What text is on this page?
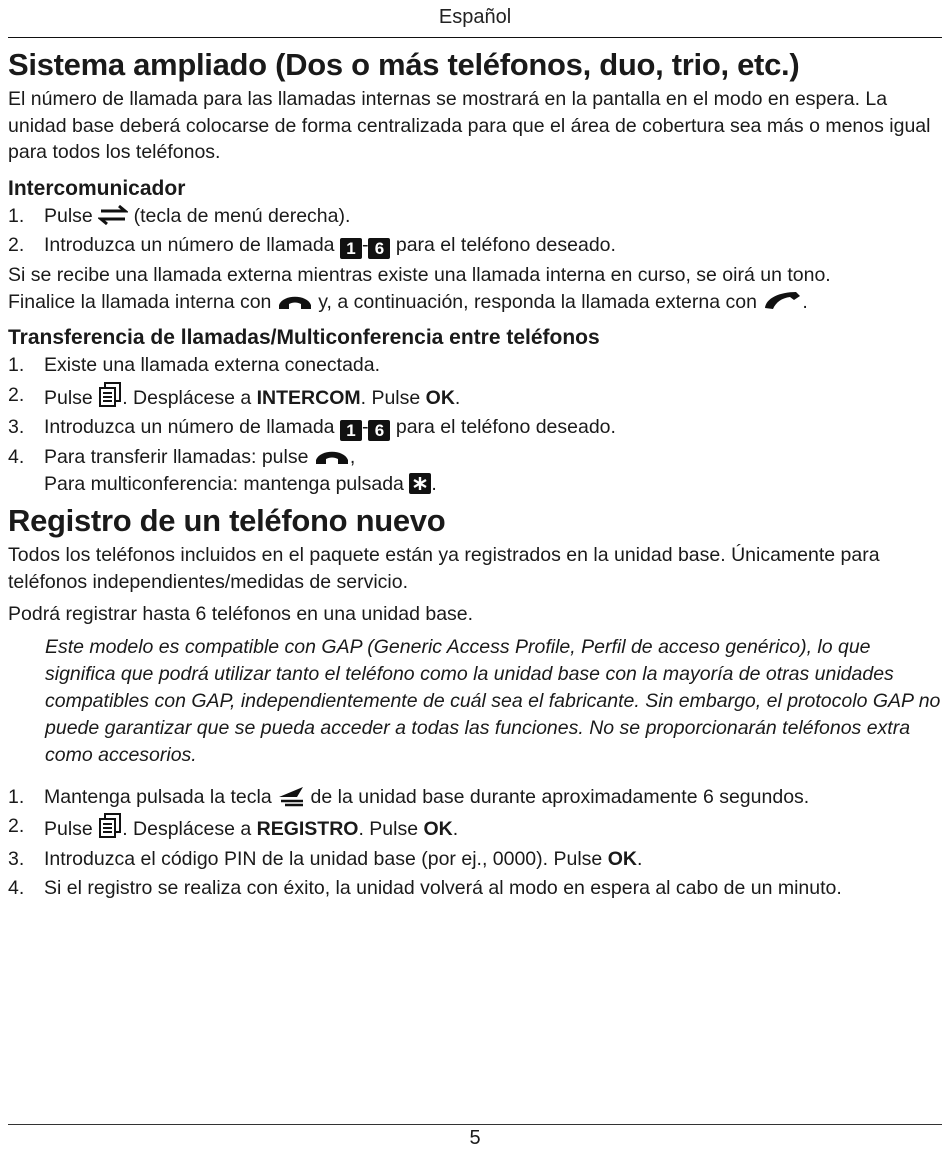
Español
Sistema ampliado (Dos o más teléfonos, duo, trio, etc.)

El número de llamada para las llamadas internas se mostrará en la pantalla en el modo en espera. La unidad base deberá colocarse de forma centralizada para que el área de cobertura sea más o menos igual para todos los teléfonos.

Intercomunicador
1.	Pulse (tecla de menú derecha).
2.	Introduzca un número de llamada 1 - 6 para el teléfono deseado.

Si se recibe una llamada externa mientras existe una llamada interna en curso, se oirá un tono.

Finalice la llamada interna con y, a continuación, responda la llamada externa con .

Transferencia de llamadas/Multiconferencia entre teléfonos
1.	Existe una llamada externa conectada.
2.	Pulse . Desplácese a INTERCOM. Pulse OK.
3.	Introduzca un número de llamada 1 - 6 para el teléfono deseado.
4.	Para transferir llamadas: pulse ,
Para multiconferencia: mantenga pulsada .
Registro de un teléfono nuevo

Todos los teléfonos incluidos en el paquete están ya registrados en la unidad base. Únicamente para teléfonos independientes/medidas de servicio.

Podrá registrar hasta 6 teléfonos en una unidad base.

Este modelo es compatible con GAP (Generic Access Profile, Perfil de acceso genérico), lo que significa que podrá utilizar tanto el teléfono como la unidad base con la mayoría de otras unidades compatibles con GAP, independientemente de cuál sea el fabricante. Sin embargo, el protocolo GAP no puede garantizar que se pueda acceder a todas las funciones. No se proporcionarán teléfonos extra como accesorios.

1.	Mantenga pulsada la tecla de la unidad base durante aproximadamente 6 segundos.
2.	Pulse . Desplácese a REGISTRO. Pulse OK.
3.	Introduzca el código PIN de la unidad base (por ej., 0000). Pulse OK.
4.	Si el registro se realiza con éxito, la unidad volverá al modo en espera al cabo de un minuto.
5
